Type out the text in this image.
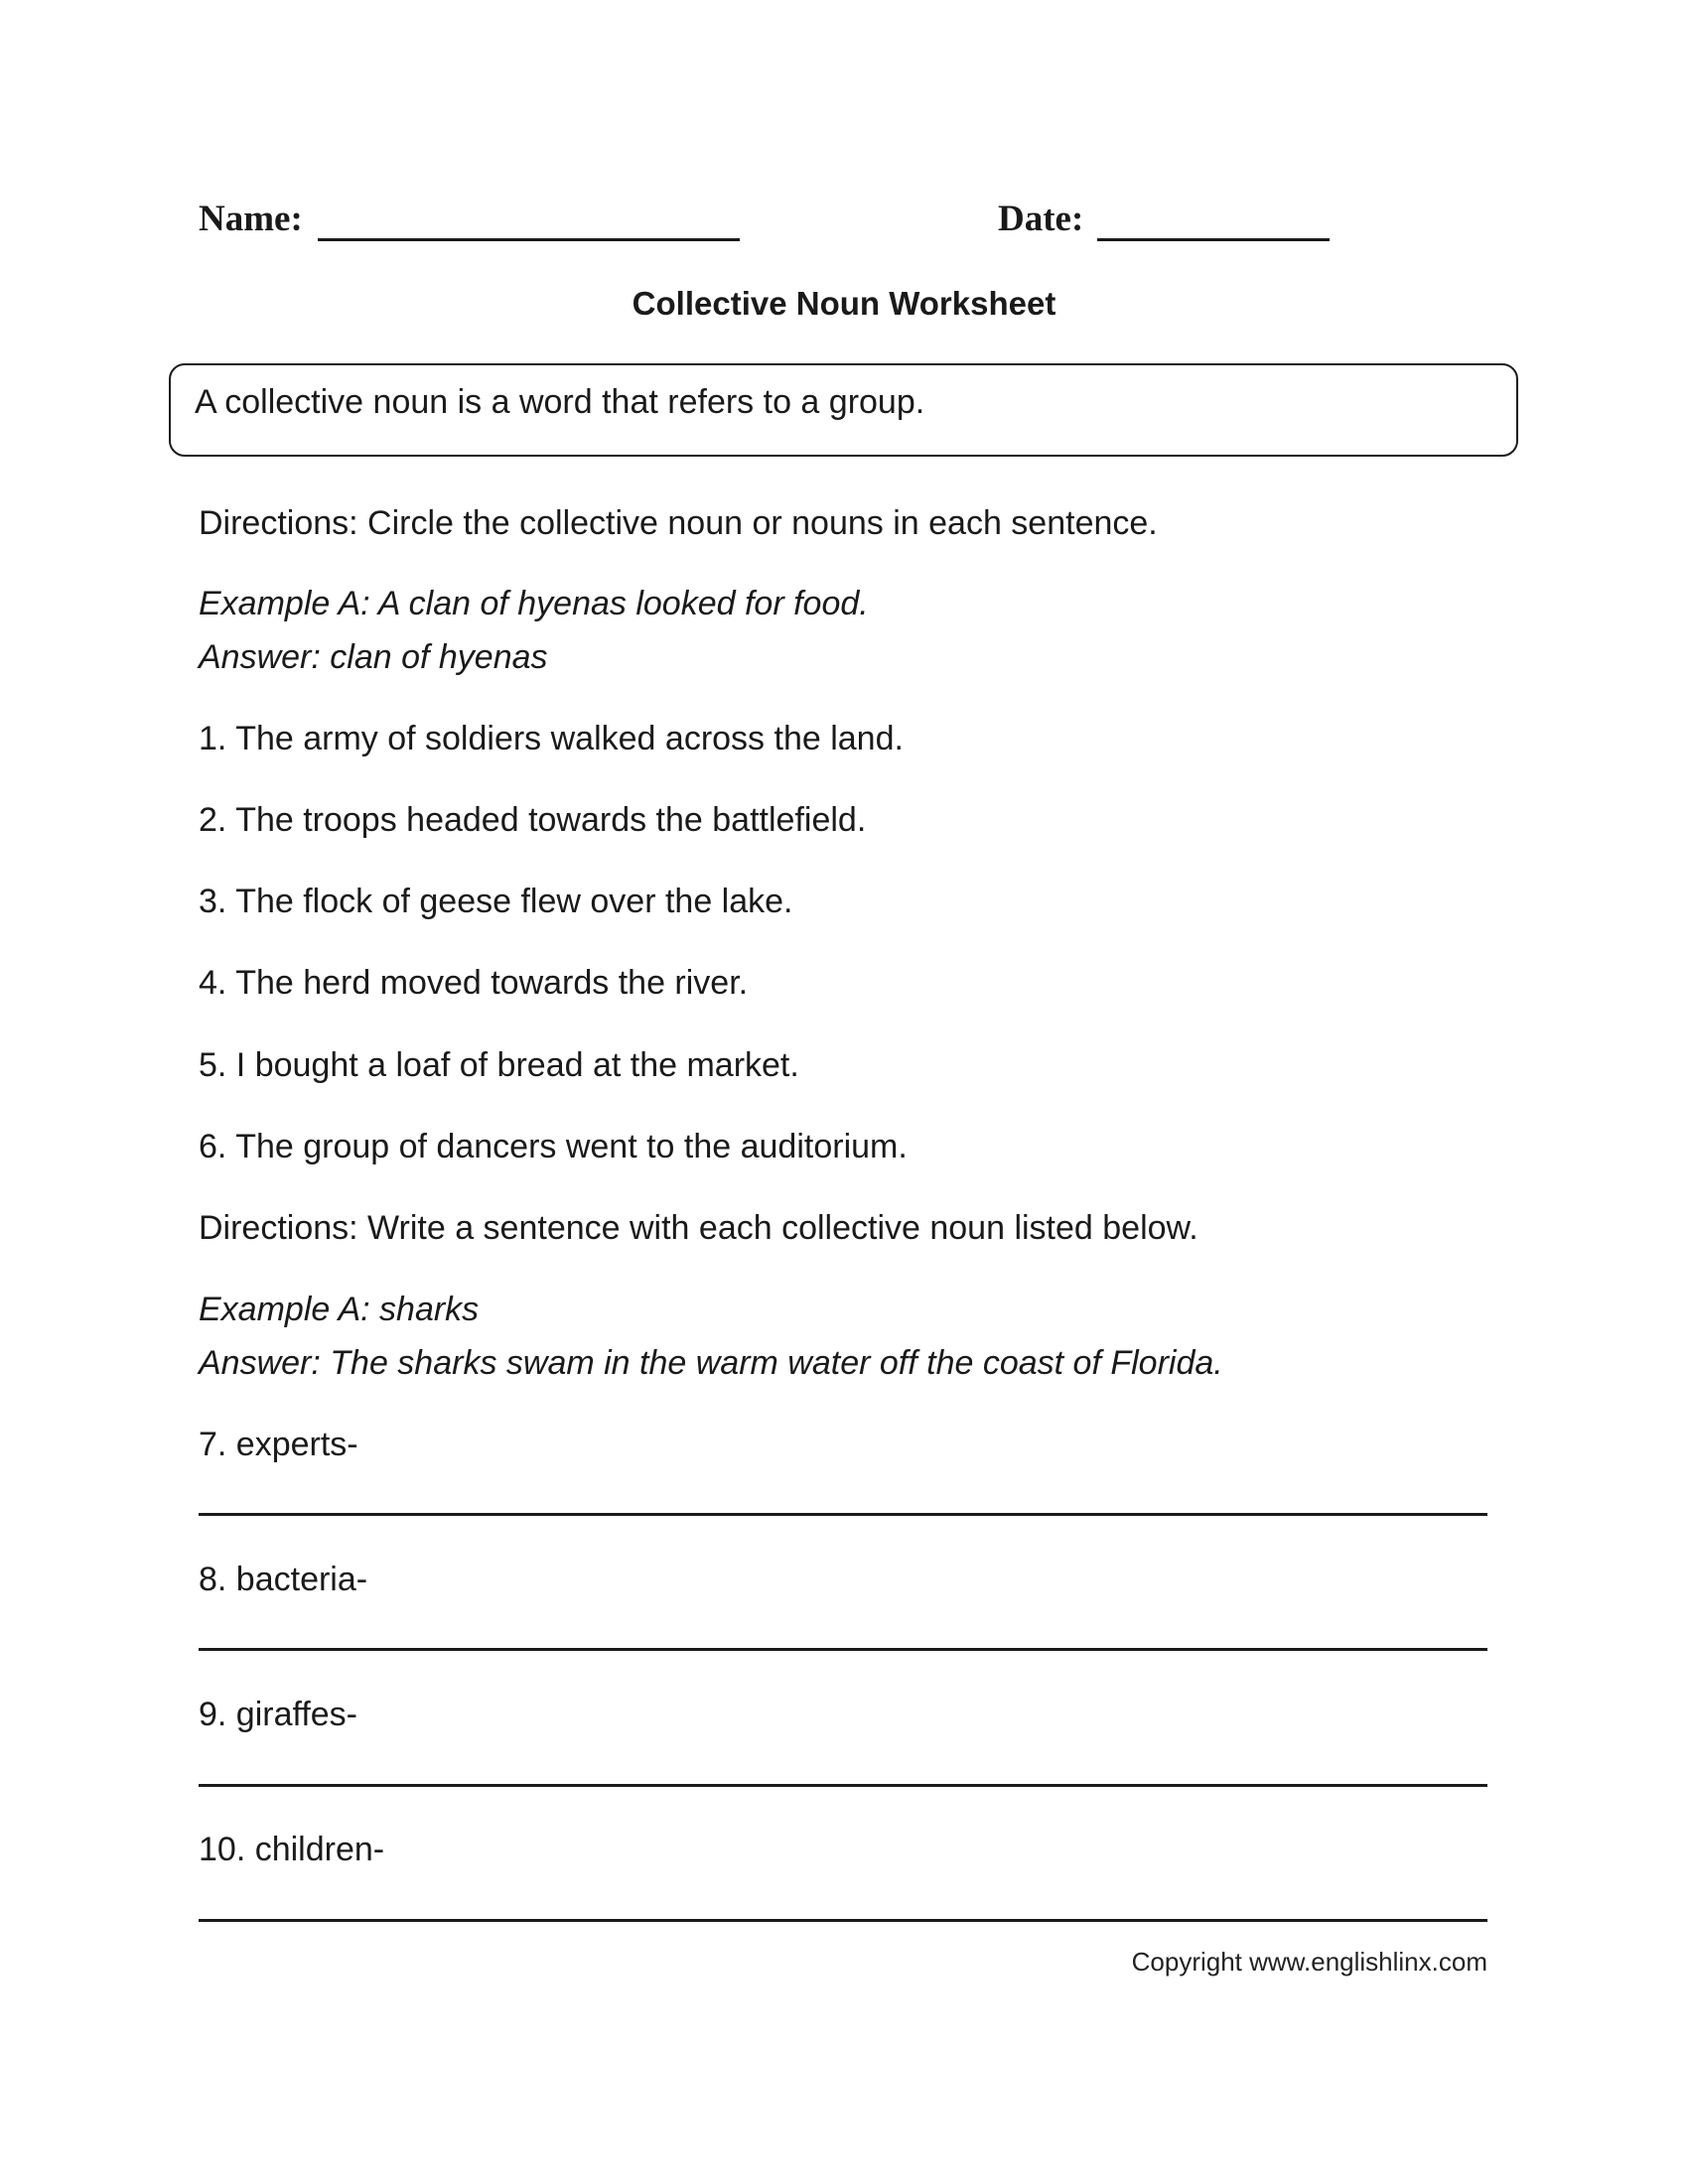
Name:	Date:
Collective Noun Worksheet
A collective noun is a word that refers to a group.
Directions: Circle the collective noun or nouns in each sentence.
Example A: A clan of hyenas looked for food.
Answer: clan of hyenas
1. The army of soldiers walked across the land.
2. The troops headed towards the battlefield.
3. The flock of geese flew over the lake.
4. The herd moved towards the river.
5. I bought a loaf of bread at the market.
6. The group of dancers went to the auditorium.
Directions: Write a sentence with each collective noun listed below.
Example A: sharks
Answer: The sharks swam in the warm water off the coast of Florida.
7. experts-
8. bacteria-
9. giraffes-
10. children-
Copyright www.englishlinx.com
